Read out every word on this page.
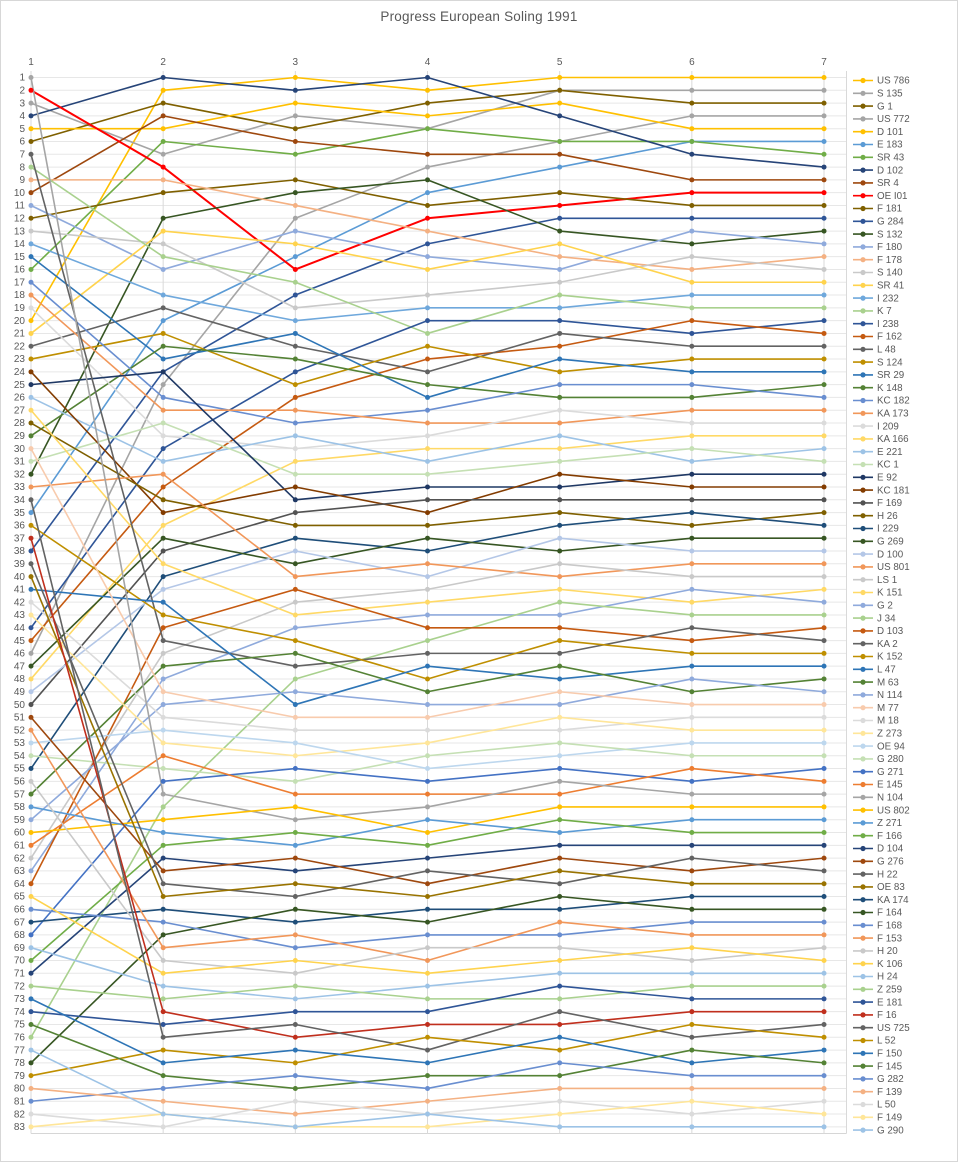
Progress European Soling 1991
1	2	3	4	5	6	7
1
2
3
4
5
6
7
8
9
10
11
12
13
14
15
16
17
18
19
20
21
22
23
24
25
26
27
28
29
30
31
32
33
34
35
36
37
38
39
40
41
42
43
44
45
46
47
48
49
50
51
52
53
54
55
56
57
58
59
60
61
62
63
64
65
66
67
68
69
70
71
72
73
74
75
76
77
78
79
80
81
82
83
US 786
S 135
G 1
US 772
D 101
E 183
SR 43
D 102
SR 4
OE I01
F 181
G 284
S 132
F 180
F 178
S 140
SR 41
I 232
K 7
I 238
F 162
L 48
S 124
SR 29
K 148
KC 182
KA 173
I 209
KA 166
E 221
KC 1
E 92
KC 181
F 169
H 26
I 229
G 269
D 100
US 801
LS 1
K 151
G 2
J 34
D 103
KA 2
K 152
L 47
M 63
N 114
M 77
M 18
Z 273
OE 94
G 280
G 271
E 145
N 104
US 802
Z 271
F 166
D 104
G 276
H 22
OE 83
KA 174
F 164
F 168
F 153
H 20
K 106
H 24
Z 259
E 181
F 16
US 725
L 52
F 150
F 145
G 282
F 139
L 50
F 149
G 290
